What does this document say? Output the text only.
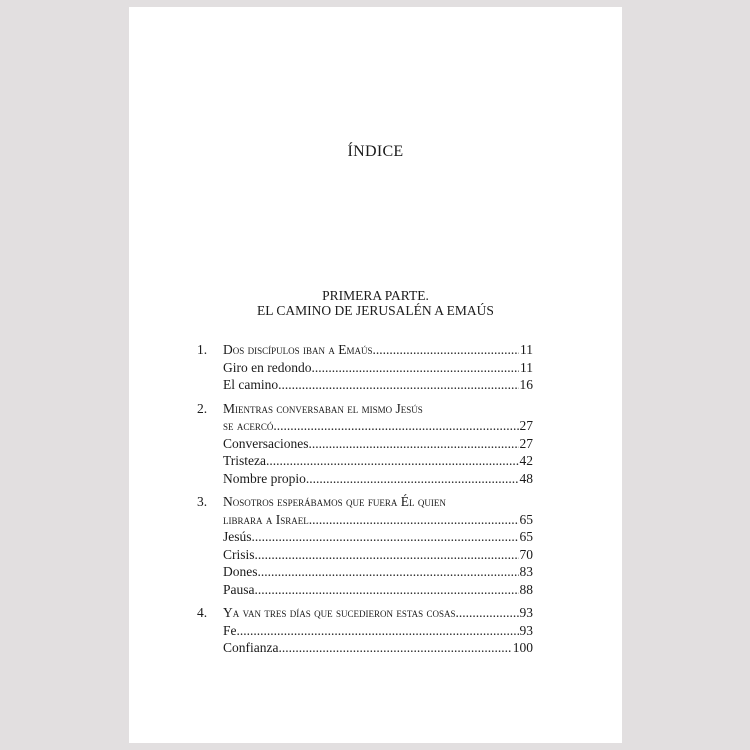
ÍNDICE
PRIMERA PARTE.
EL CAMINO DE JERUSALÉN A EMAÚS
1. Dos discípulos iban a Emaús .....	11
Giro en redondo .....	11
El camino .....	16
2. Mientras conversaban el mismo Jesús
se acercó .....	27
Conversaciones .....	27
Tristeza .....	42
Nombre propio .....	48
3. Nosotros esperábamos que fuera Él quien
librara a Israel .....	65
Jesús .....	65
Crisis .....	70
Dones .....	83
Pausa .....	88
4. Ya van tres días que sucedieron estas cosas .....	93
Fe .....	93
Confianza .....	100
